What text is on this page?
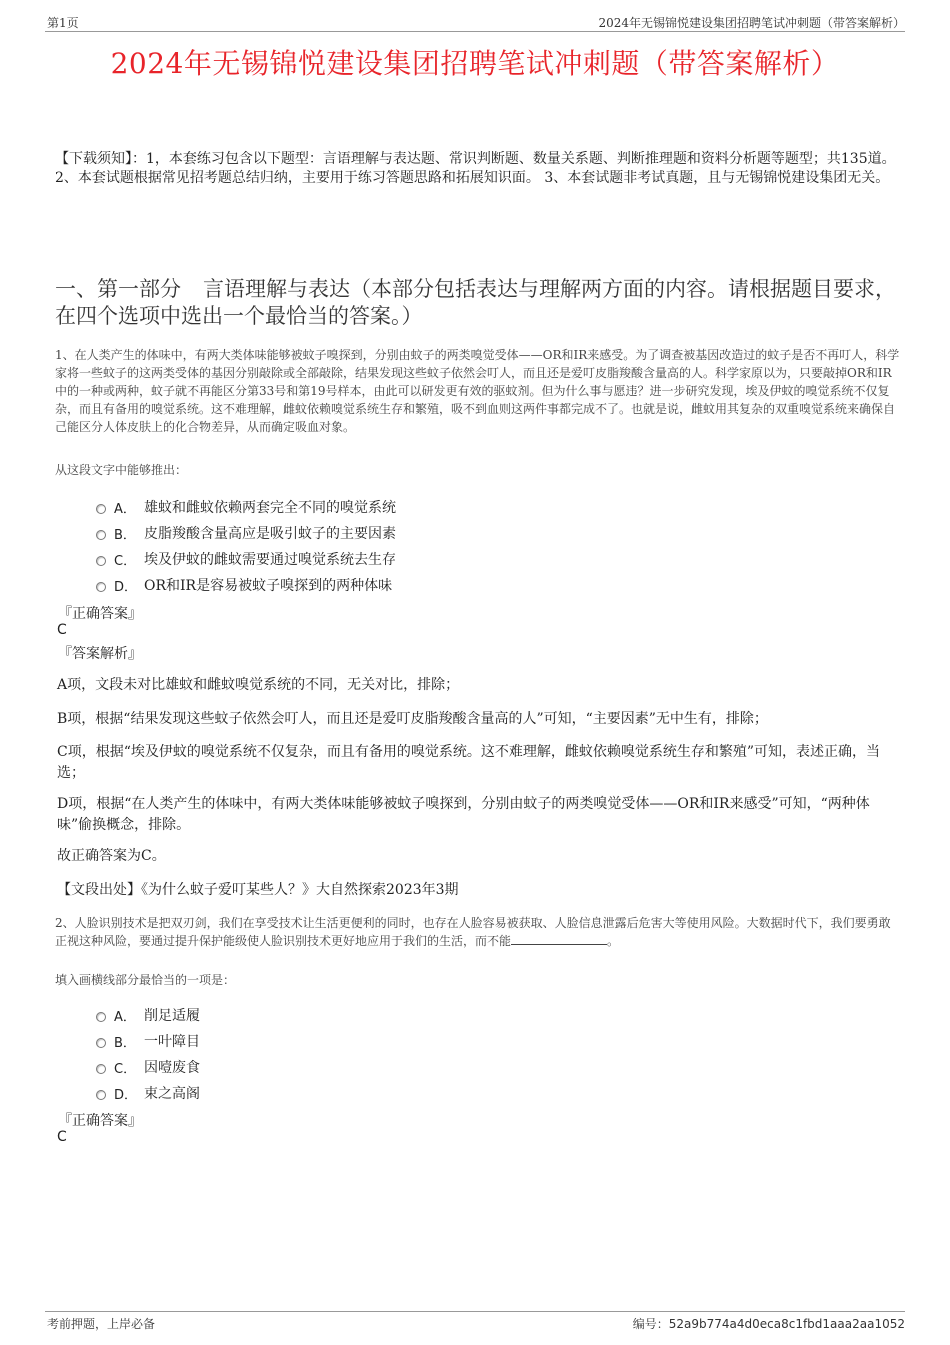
第1页	2024年无锡锦悦建设集团招聘笔试冲刺题（带答案解析）
2024年无锡锦悦建设集团招聘笔试冲刺题（带答案解析）
【下载须知】：1，本套练习包含以下题型：言语理解与表达题、常识判断题、数量关系题、判断推理题和资料分析题等题型；共135道。 2、本套试题根据常见招考题总结归纳，主要用于练习答题思路和拓展知识面。 3、本套试题非考试真题，且与无锡锦悦建设集团无关。
一、第一部分 言语理解与表达（本部分包括表达与理解两方面的内容。请根据题目要求，在四个选项中选出一个最恰当的答案。）
1、在人类产生的体味中，有两大类体味能够被蚊子嗅探到，分别由蚊子的两类嗅觉受体——OR和IR来感受。为了调查被基因改造过的蚊子是否不再叮人，科学家将一些蚊子的这两类受体的基因分别敲除或全部敲除，结果发现这些蚊子依然会叮人，而且还是爱叮皮脂羧酸含量高的人。科学家原以为，只要敲掉OR和IR中的一种或两种，蚊子就不再能区分第33号和第19号样本，由此可以研发更有效的驱蚊剂。但为什么事与愿违？进一步研究发现，埃及伊蚊的嗅觉系统不仅复杂，而且有备用的嗅觉系统。这不难理解，雌蚊依赖嗅觉系统生存和繁殖，吸不到血则这两件事都完成不了。也就是说，雌蚊用其复杂的双重嗅觉系统来确保自己能区分人体皮肤上的化合物差异，从而确定吸血对象。
从这段文字中能够推出：
A． 雄蚊和雌蚊依赖两套完全不同的嗅觉系统
B． 皮脂羧酸含量高应是吸引蚊子的主要因素
C． 埃及伊蚊的雌蚊需要通过嗅觉系统去生存
D． OR和IR是容易被蚊子嗅探到的两种体味
『正确答案』
C
『答案解析』
A项，文段未对比雄蚊和雌蚊嗅觉系统的不同，无关对比，排除；
B项，根据“结果发现这些蚊子依然会叮人，而且还是爱叮皮脂羧酸含量高的人”可知，“主要因素”无中生有，排除；
C项，根据“埃及伊蚊的嗅觉系统不仅复杂，而且有备用的嗅觉系统。这不难理解，雌蚊依赖嗅觉系统生存和繁殖”可知，表述正确，当选；
D项，根据“在人类产生的体味中，有两大类体味能够被蚊子嗅探到，分别由蚊子的两类嗅觉受体——OR和IR来感受”可知，“两种体味”偷换概念，排除。
故正确答案为C。
【文段出处】《为什么蚊子爱叮某些人？》大自然探索2023年3期
2、人脸识别技术是把双刃剑，我们在享受技术让生活更便利的同时，也存在人脸容易被获取、人脸信息泄露后危害大等使用风险。大数据时代下，我们要勇敢正视这种风险，要通过提升保护能级使人脸识别技术更好地应用于我们的生活，而不能	。
填入画横线部分最恰当的一项是：
A． 削足适履
B． 一叶障目
C． 因噎废食
D． 束之高阁
『正确答案』
C
考前押题，上岸必备	编号：52a9b774a4d0eca8c1fbd1aaa2aa1052
